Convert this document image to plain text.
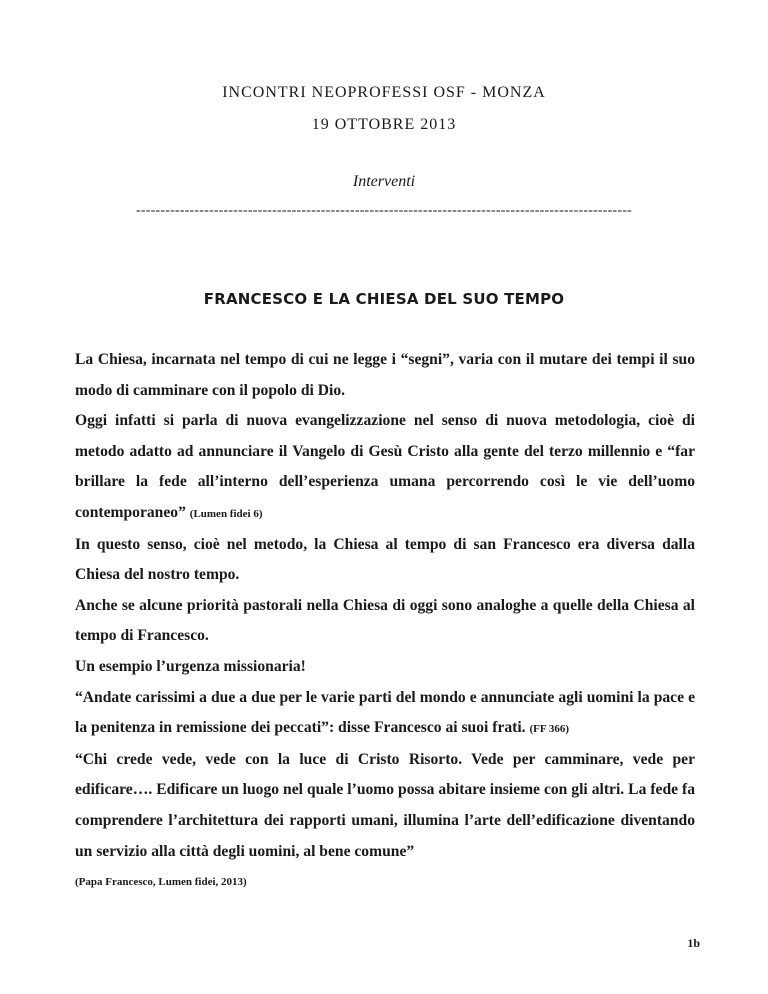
INCONTRI NEOPROFESSI OSF - MONZA
19 OTTOBRE 2013
Interventi
------------------------------------------------------------------------------------------------------
FRANCESCO E LA CHIESA DEL SUO TEMPO

La Chiesa, incarnata nel tempo di cui ne legge i “segni”, varia con il mutare dei tempi il suo modo di camminare con il popolo di Dio.

Oggi infatti si parla di nuova evangelizzazione nel senso di nuova metodologia, cioè di metodo adatto ad annunciare il Vangelo di Gesù Cristo alla gente del terzo millennio e “far brillare la fede all’interno dell’esperienza umana percorrendo così le vie dell’uomo contemporaneo” (Lumen fidei 6)

In questo senso, cioè nel metodo, la Chiesa al tempo di san Francesco era diversa dalla Chiesa del nostro tempo.

Anche se alcune priorità pastorali nella Chiesa di oggi sono analoghe a quelle della Chiesa al tempo di Francesco.

Un esempio l’urgenza missionaria!

“Andate carissimi a due a due per le varie parti del mondo e annunciate agli uomini la pace e la penitenza in remissione dei peccati”: disse Francesco ai suoi frati. (FF 366)

“Chi crede vede, vede con la luce di Cristo Risorto. Vede per camminare, vede per edificare…. Edificare un luogo nel quale l’uomo possa abitare insieme con gli altri. La fede fa comprendere l’architettura dei rapporti umani, illumina l’arte dell’edificazione diventando un servizio alla città degli uomini, al bene comune”

(Papa Francesco, Lumen fidei, 2013)

1b
